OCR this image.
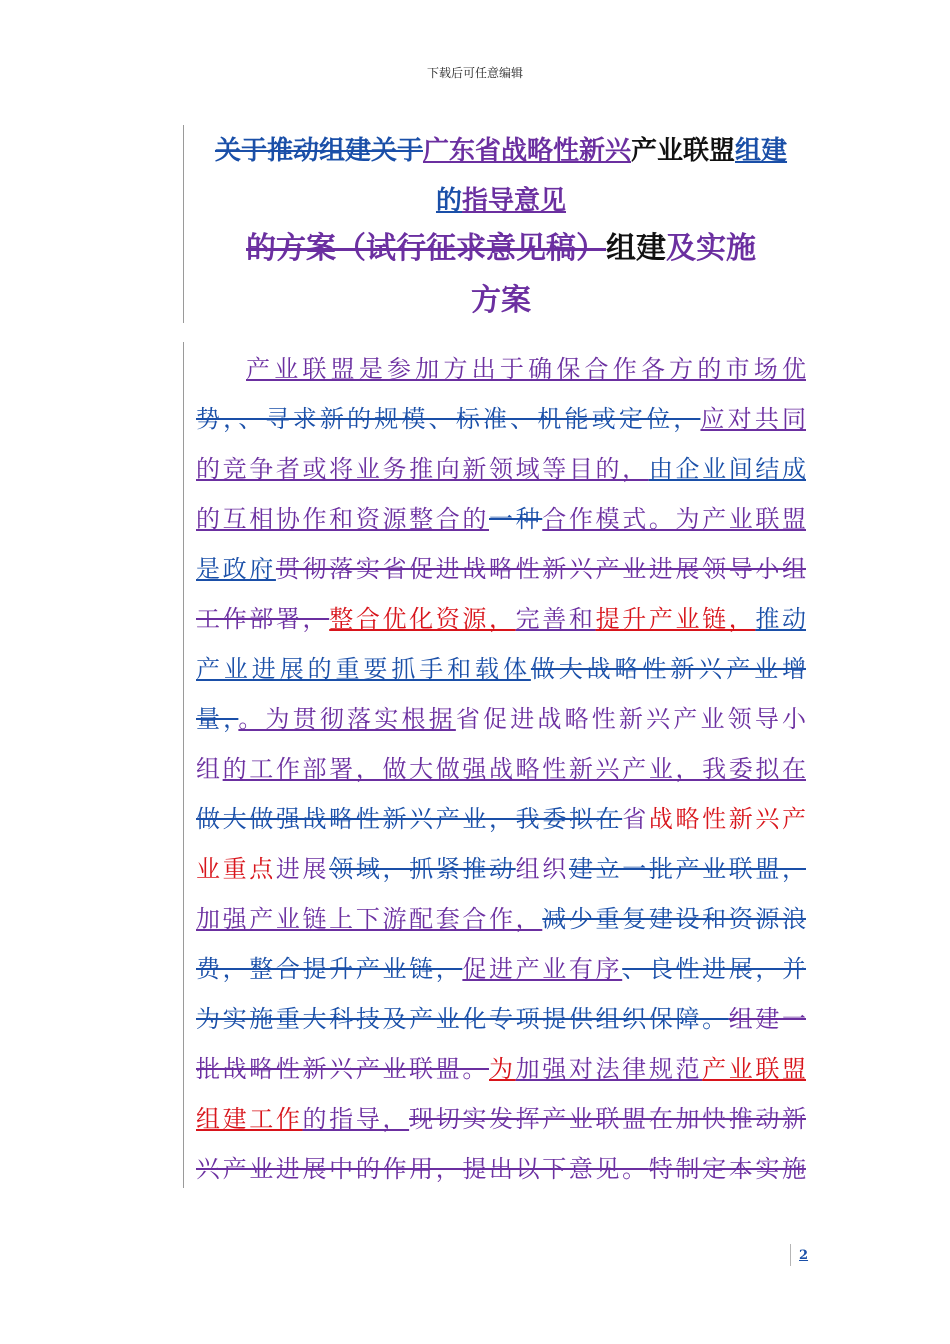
下载后可任意编辑
关于推动组建关于广东省战略性新兴产业联盟组建
的指导意见
的方案（试行征求意见稿）组建及实施
方案
产业联盟是参加方出于确保合作各方的市场优
势，、寻求新的规模、标准、机能或定位，应对共同
的竞争者或将业务推向新领域等目的，由企业间结成
的互相协作和资源整合的一种合作模式。为产业联盟
是政府贯彻落实省促进战略性新兴产业进展领导小组
工作部署，整合优化资源，完善和提升产业链，推动
产业进展的重要抓手和载体做大战略性新兴产业增
量，。为贯彻落实根据省促进战略性新兴产业领导小
组的工作部署，做大做强战略性新兴产业，我委拟在
做大做强战略性新兴产业，我委拟在省战略性新兴产
业重点进展领域，抓紧推动组织建立一批产业联盟，
加强产业链上下游配套合作，减少重复建设和资源浪
费，整合提升产业链，促进产业有序、良性进展，并
为实施重大科技及产业化专项提供组织保障。组建一
批战略性新兴产业联盟。为加强对法律规范产业联盟
组建工作的指导，现切实发挥产业联盟在加快推动新
兴产业进展中的作用，提出以下意见。特制定本实施
2
